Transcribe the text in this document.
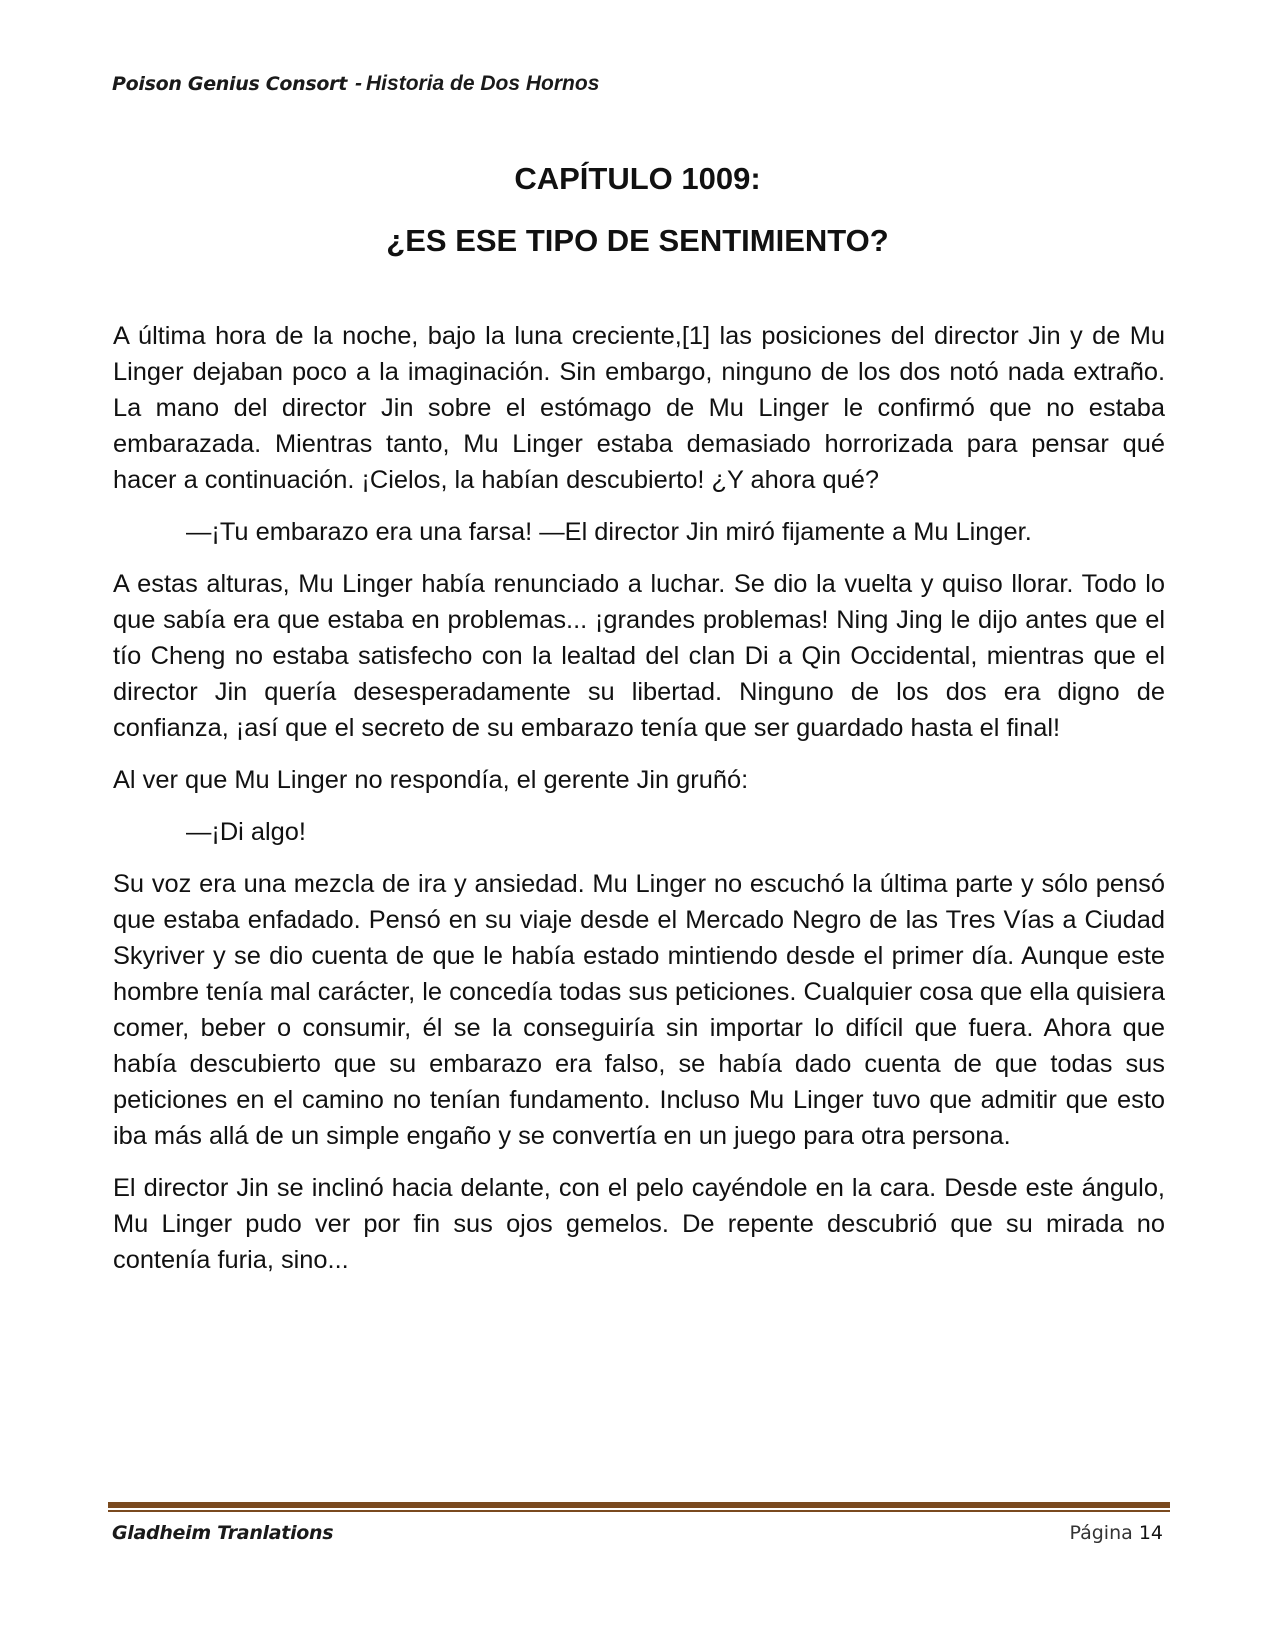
Poison Genius Consort - Historia de Dos Hornos
CAPÍTULO 1009:
¿ES ESE TIPO DE SENTIMIENTO?

A última hora de la noche, bajo la luna creciente,[1] las posiciones del director Jin y de Mu Linger dejaban poco a la imaginación. Sin embargo, ninguno de los dos notó nada extraño. La mano del director Jin sobre el estómago de Mu Linger le confirmó que no estaba embarazada. Mientras tanto, Mu Linger estaba demasiado horrorizada para pensar qué hacer a continuación. ¡Cielos, la habían descubierto! ¿Y ahora qué?

—¡Tu embarazo era una farsa! —El director Jin miró fijamente a Mu Linger.

A estas alturas, Mu Linger había renunciado a luchar. Se dio la vuelta y quiso llorar. Todo lo que sabía era que estaba en problemas... ¡grandes problemas! Ning Jing le dijo antes que el tío Cheng no estaba satisfecho con la lealtad del clan Di a Qin Occidental, mientras que el director Jin quería desesperadamente su libertad. Ninguno de los dos era digno de confianza, ¡así que el secreto de su embarazo tenía que ser guardado hasta el final!

Al ver que Mu Linger no respondía, el gerente Jin gruñó:

—¡Di algo!

Su voz era una mezcla de ira y ansiedad. Mu Linger no escuchó la última parte y sólo pensó que estaba enfadado. Pensó en su viaje desde el Mercado Negro de las Tres Vías a Ciudad Skyriver y se dio cuenta de que le había estado mintiendo desde el primer día. Aunque este hombre tenía mal carácter, le concedía todas sus peticiones. Cualquier cosa que ella quisiera comer, beber o consumir, él se la conseguiría sin importar lo difícil que fuera. Ahora que había descubierto que su embarazo era falso, se había dado cuenta de que todas sus peticiones en el camino no tenían fundamento. Incluso Mu Linger tuvo que admitir que esto iba más allá de un simple engaño y se convertía en un juego para otra persona.

El director Jin se inclinó hacia delante, con el pelo cayéndole en la cara. Desde este ángulo, Mu Linger pudo ver por fin sus ojos gemelos. De repente descubrió que su mirada no contenía furia, sino...

Gladheim Tranlations	Página 14
